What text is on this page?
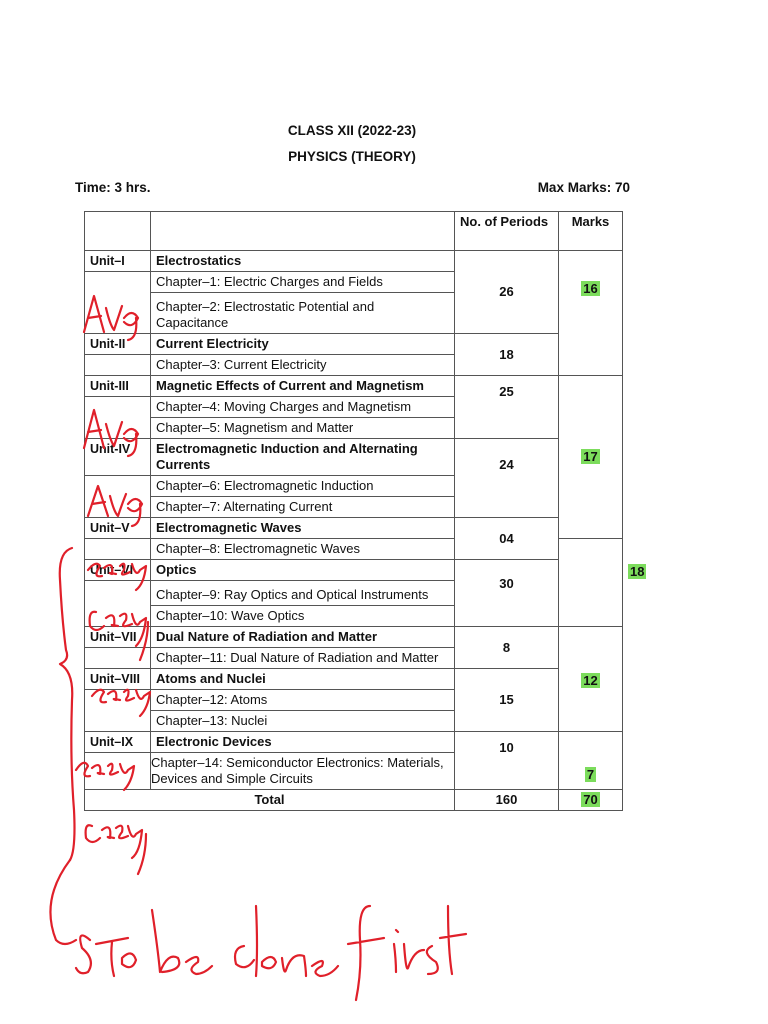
CLASS XII (2022-23)
PHYSICS (THEORY)
Time: 3 hrs.	Max Marks: 70
		No. of Periods	Marks	
Unit–I	Electrostatics	26	16	
	Chapter–1: Electric Charges and Fields			
	Chapter–2: Electrostatic Potential and Capacitance			
Unit-II	Current Electricity	18		
	Chapter–3: Current Electricity			
Unit-III	Magnetic Effects of Current and Magnetism	25	17	
	Chapter–4: Moving Charges and Magnetism			
	Chapter–5: Magnetism and Matter			
Unit-IV	Electromagnetic Induction and Alternating Currents	24		
	Chapter–6: Electromagnetic Induction			
	Chapter–7: Alternating Current			
Unit–V	Electromagnetic Waves	04		18
	Chapter–8: Electromagnetic Waves			
Unit–VI	Optics	30		
	Chapter–9: Ray Optics and Optical Instruments			
	Chapter–10: Wave Optics			
Unit–VII	Dual Nature of Radiation and Matter	8	12	
	Chapter–11: Dual Nature of Radiation and Matter			
Unit–VIII	Atoms and Nuclei	15		
	Chapter–12: Atoms			
	Chapter–13: Nuclei			
Unit–IX	Electronic Devices	10	7	
	Chapter–14: Semiconductor Electronics: Materials, Devices and Simple Circuits			
Total		160	70	
